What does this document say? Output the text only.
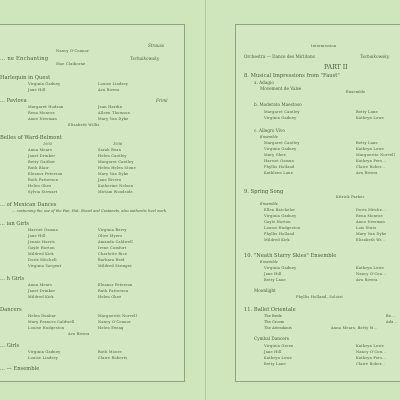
Strauss
Nancy O'Connor
... ne Enchanting	Tschaikowsky
Mae Claiborne
Harlequin in Quest
Virginia Gadney	Louise Lindsey
Jane Hill	Ava Rivera
... Pavlova	Friml
Margaret Hudson	Jean Hardin
Rena Monroe	Alleen Thomson
Anne Newman	Mary Van Dyke
Elizabeth Willis
Belles of Ward-Belmont
1935	1936
Anna Mears	Sarah Bean
Janet Drinker	Helen Cantley
Betty Gaither	Margaret Cantley
Ruth Blair	Helen Helen Stone
Eleanor Peterson	Mary Van Dyke
Ruth Patterson	Jane Rivera
Helen Ghee	Katherine Nelson
Sylvia Stewart	Miriam Woodside
... of Mexican Dances
... costuming the use of the Fan, Hat, Shawl and Castanets, also authentic heel work.
... ian Girls
Harriet Osmun	Virginia Berry
Jane Hill	Olive Myers
Jennie Harris	Amanda Caldwell
Gayle Horton	Irene Comfort
Mildred Kirk	Charlotte Rice
Doris Mitchell	Barbara Reid
Virginia Sargent	Mildred Stringer
... h Girls
Anna Mears	Eleanor Peterson
Janet Drinker	Ruth Patterson
Mildred Kirk	Helen Ghee
Dancers
Helen Dunbar	Marguerite Norvell
Mary Frances Caldwell	Nancy O'Connor
Louise Hudgeston	Helen Ewing
Ava Rivera
... Girls
Virginia Gadney	Ruth Moore
Louise Lindsey	Claire Roberts
... — Ensemble
Intermission
Orchestra — Dance des Mirlitons	Tschaikowsky
PART II
8. Musical Impressions from "Faust"
a. Adagio
Movement de Valse
Ensemble
b. Moderato Maestoso
Margaret Cantley	Betty Lane
Virginia Gadney	Kathryn Lowe
c. Allegro Vivo
Ensemble
Margaret Cantley	Betty Lane
Virginia Gadney	Kathryn Lowe
Mary Ghee	Marguerite Norvell
Harriet Osmun	Kathryn Pers...
Phyllis Holland	Claire Rober...
Kathleen Lane	Ava Rivera
9. Spring Song
Kitrick Parker
Ensemble
Ellen Batchelor	Doris Mitche...
Virginia Gadney	Rena Monroe
Gayle Horton	Anne Newman
Louise Hudgeston	Lois Stutz
Phyllis Holland	Mary Van Dyke
Mildred Kirk	Elizabeth Wi...
10. "Neath Starry Skies" Ensemble
Ensemble
Virginia Gadney	Kathryn Lowe
Jane Hill	Nancy O'Con...
Betty Lane	Ava Rivera
Moonlight
Phyllis Holland, Soloist
11. Ballet Orientale
The Bride	Be...
The Groom	Ada...
The Attendants	Anna Mears, Betty M...
Cymbal Dancers
Virginia Green	Kathryn Lowe
Jane Hill	Nancy O'Con...
Kathryn Lowe	Kathryn Pers...
Betty Lane	Claire Rober...
